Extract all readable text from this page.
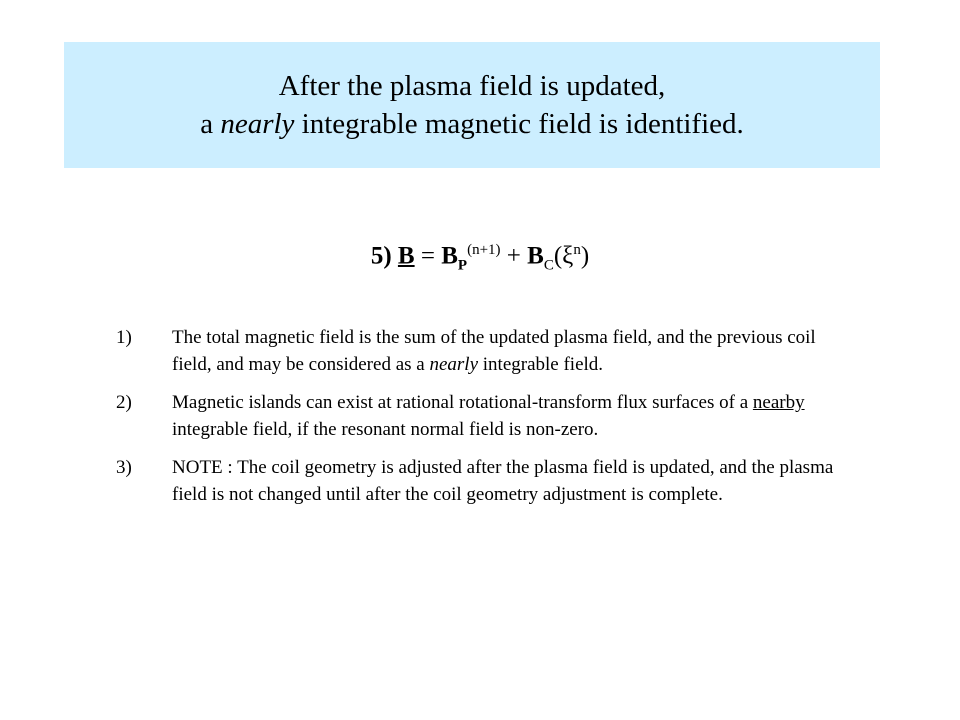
After the plasma field is updated,
a nearly integrable magnetic field is identified.
5) $B = B_P^{(n+1)} + B_C(\xi^n)$
1) The total magnetic field is the sum of the updated plasma field, and the previous coil field, and may be considered as a nearly integrable field.
2) Magnetic islands can exist at rational rotational-transform flux surfaces of a nearby integrable field, if the resonant normal field is non-zero.
3) NOTE : The coil geometry is adjusted after the plasma field is updated, and the plasma field is not changed until after the coil geometry adjustment is complete.
